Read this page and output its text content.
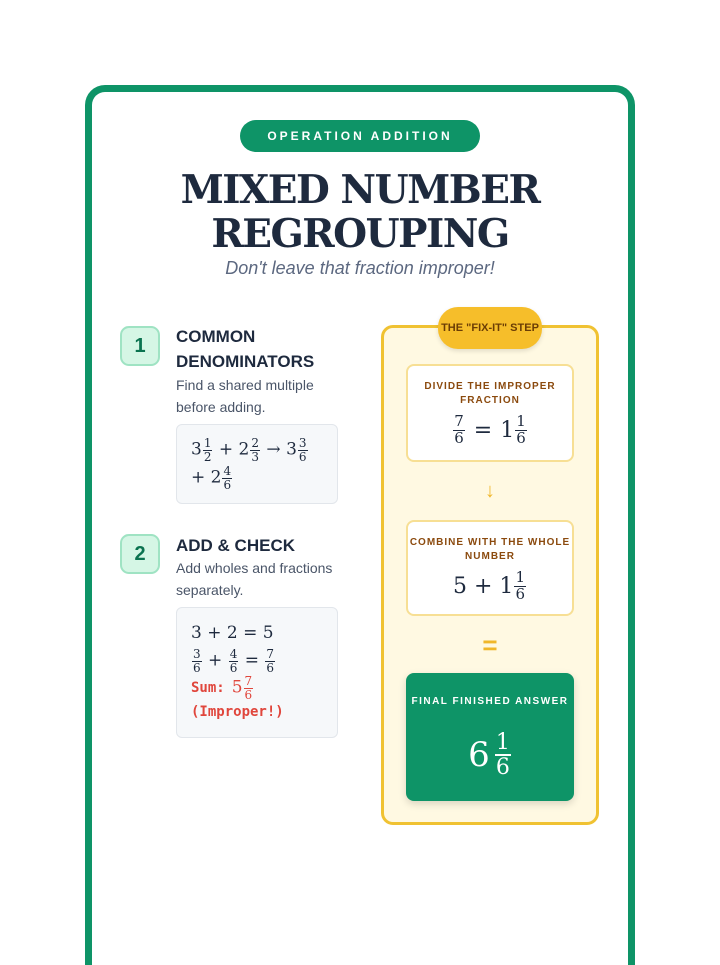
OPERATION ADDITION
MIXED NUMBER
REGROUPING
Don't leave that fraction improper!
1	COMMON DENOMINATORS
Find a shared multiple before adding.
$3 \frac{1}{2} + 2 \frac{2}{3} \to 3 \frac{3}{6}$
+ $2 \frac{4}{6}$
2	ADD & CHECK
Add wholes and fractions separately.
3 + 2 = 5
$\frac{3}{6} + \frac{4}{6} = \frac{7}{6}$
Sum: $5 \frac{7}{6}$
(Improper!)
THE "FIX-IT" STEP
DIVIDE THE IMPROPER FRACTION
$\frac{7}{6} = 1 \frac{1}{6}$
↓
COMBINE WITH THE WHOLE NUMBER
$5 + 1 \frac{1}{6}$
=
FINAL FINISHED ANSWER
$6 \frac{1}{6}$
